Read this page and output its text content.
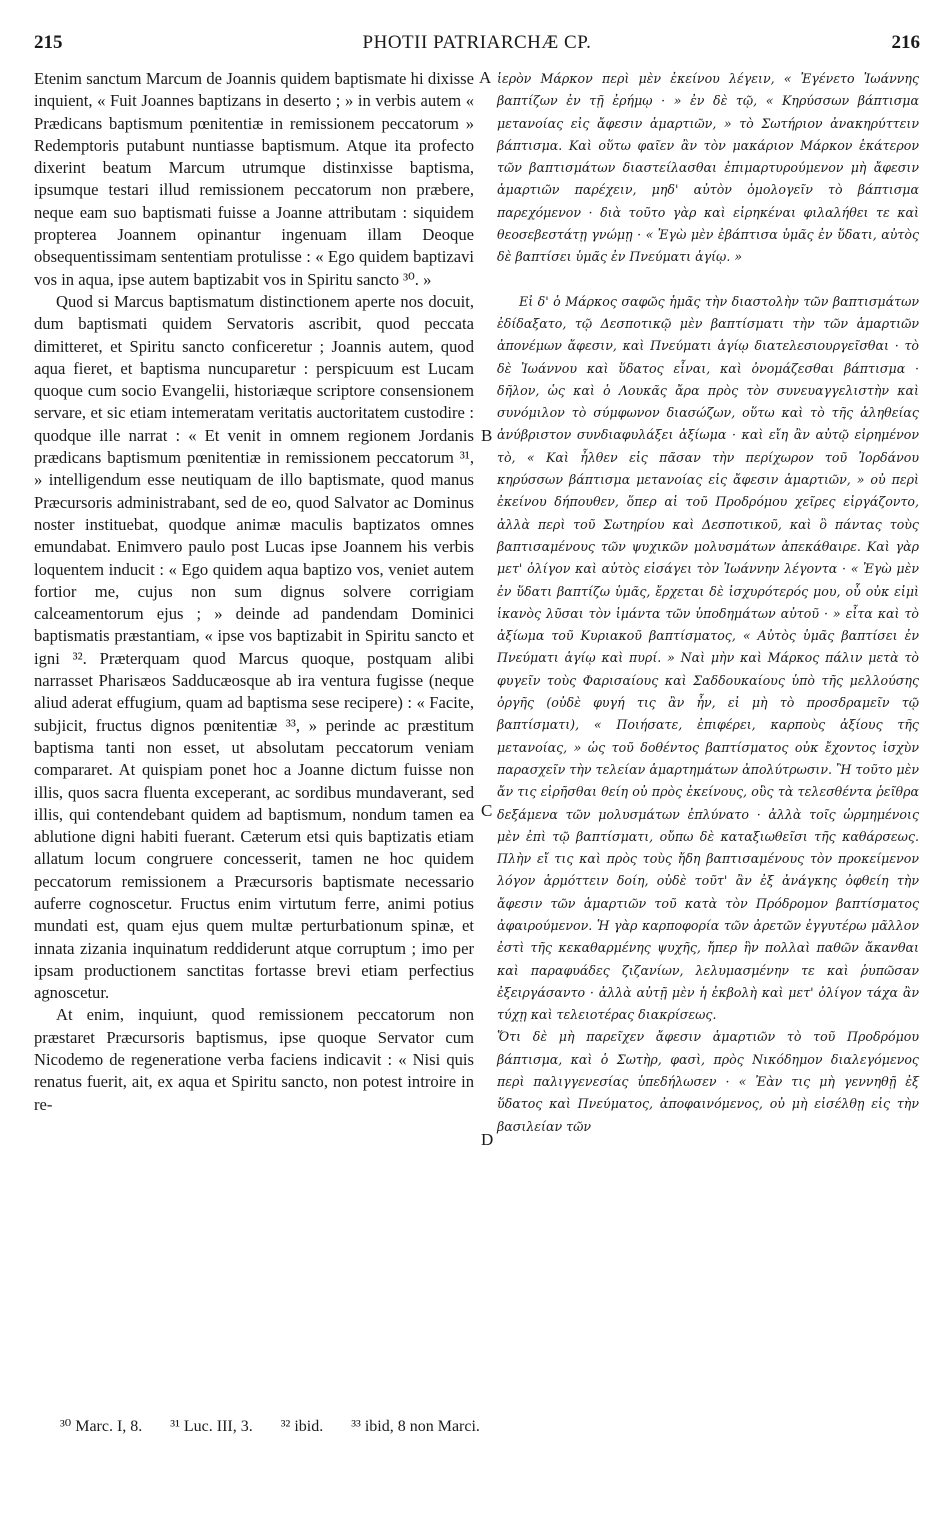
215	PHOTII PATRIARCHÆ CP.	216

Etenim sanctum Marcum de Joannis quidem baptismate hi dixisse inquient, « Fuit Joannes baptizans in deserto ; » in verbis autem « Prædicans baptismum pœnitentiæ in remissionem peccatorum » Redemptoris putabunt nuntiasse baptismum. Atque ita profecto dixerint beatum Marcum utrumque distinxisse baptisma, ipsumque testari illud remissionem peccatorum non præbere, neque eam suo baptismati fuisse a Joanne attributam : siquidem propterea Joannem opinantur ingenuam illam Deoque obsequentissimam sententiam protulisse : « Ego quidem baptizavi vos in aqua, ipse autem baptizabit vos in Spiritu sancto ³⁰. »

Quod si Marcus baptismatum distinctionem aperte nos docuit, dum baptismati quidem Servatoris ascribit, quod peccata dimitteret, et Spiritu sancto conficeretur ; Joannis autem, quod aqua fieret, et baptisma nuncuparetur : perspicuum est Lucam quoque cum socio Evangelii, historiæque scriptore consensionem servare, et sic etiam intemeratam veritatis auctoritatem custodire : quodque ille narrat : « Et venit in omnem regionem Jordanis prædicans baptismum pœnitentiæ in remissionem peccatorum ³¹, » intelligendum esse neutiquam de illo baptismate, quod manus Præcursoris administrabant, sed de eo, quod Salvator ac Dominus noster instituebat, quodque animæ maculis baptizatos omnes emundabat. Enimvero paulo post Lucas ipse Joannem his verbis loquentem inducit : « Ego quidem aqua baptizo vos, veniet autem fortior me, cujus non sum dignus solvere corrigiam calceamentorum ejus ; » deinde ad pandendam Dominici baptismatis præstantiam, « ipse vos baptizabit in Spiritu sancto et igni ³². Præterquam quod Marcus quoque, postquam alibi narrasset Pharisæos Sadducæosque ab ira ventura fugisse (neque aliud aderat effugium, quam ad baptisma sese recipere) : « Facite, subjicit, fructus dignos pœnitentiæ ³³, » perinde ac præstitum baptisma tanti non esset, ut absolutam peccatorum veniam compararet. At quispiam ponet hoc a Joanne dictum fuisse non illis, quos sacra fluenta exceperant, ac sordibus mundaverant, sed illis, qui contendebant quidem ad baptismum, nondum tamen ea ablutione digni habiti fuerant. Cæterum etsi quis baptizatis etiam allatum locum congruere concesserit, tamen ne hoc quidem peccatorum remissionem a Præcursoris baptismate necessario auferre cognoscetur. Fructus enim virtutum ferre, animi potius mundati est, quam ejus quem multæ perturbationum spinæ, et innata zizania inquinatum reddiderunt atque corruptum ; imo per ipsam productionem sanctitas fortasse brevi etiam perfectius agnoscetur.

At enim, inquiunt, quod remissionem peccatorum non præstaret Præcursoris baptismus, ipse quoque Servator cum Nicodemo de regeneratione verba faciens indicavit : « Nisi quis renatus fuerit, ait, ex aqua et Spiritu sancto, non potest introire in re-

A
B
C
D

ἱερὸν Μάρκον περὶ μὲν ἐκείνου λέγειν, « Ἐγένετο Ἰωάννης βαπτίζων ἐν τῇ ἐρήμῳ · » ἐν δὲ τῷ, « Κηρύσσων βάπτισμα μετανοίας εἰς ἄφεσιν ἁμαρτιῶν, » τὸ Σωτήριον ἀνακηρύττειν βάπτισμα. Καὶ οὕτω φαῖεν ἂν τὸν μακάριον Μάρκον ἑκάτερον τῶν βαπτισμάτων διαστείλασθαι ἐπιμαρτυρούμενον μὴ ἄφεσιν ἁμαρτιῶν παρέχειν, μηδ' αὐτὸν ὁμολογεῖν τὸ βάπτισμα παρεχόμενον · διὰ τοῦτο γὰρ καὶ εἰρηκέναι φιλαλήθει τε καὶ θεοσεβεστάτῃ γνώμῃ · « Ἐγὼ μὲν ἐβάπτισα ὑμᾶς ἐν ὕδατι, αὐτὸς δὲ βαπτίσει ὑμᾶς ἐν Πνεύματι ἁγίῳ. »

Εἰ δ' ὁ Μάρκος σαφῶς ἡμᾶς τὴν διαστολὴν τῶν βαπτισμάτων ἐδίδαξατο, τῷ Δεσποτικῷ μὲν βαπτίσματι τὴν τῶν ἁμαρτιῶν ἀπονέμων ἄφεσιν, καὶ Πνεύματι ἁγίῳ διατελεσιουργεῖσθαι · τὸ δὲ Ἰωάννου καὶ ὕδατος εἶναι, καὶ ὀνομάζεσθαι βάπτισμα · δῆλον, ὡς καὶ ὁ Λουκᾶς ἄρα πρὸς τὸν συνευαγγελιστὴν καὶ συνόμιλον τὸ σύμφωνον διασώζων, οὕτω καὶ τὸ τῆς ἀληθείας ἀνύβριστον συνδιαφυλάξει ἀξίωμα · καὶ εἴη ἂν αὐτῷ εἰρημένον τὸ, « Καὶ ἦλθεν εἰς πᾶσαν τὴν περίχωρον τοῦ Ἰορδάνου κηρύσσων βάπτισμα μετανοίας εἰς ἄφεσιν ἁμαρτιῶν, » οὐ περὶ ἐκείνου δήπουθεν, ὅπερ αἱ τοῦ Προδρόμου χεῖρες εἰργάζοντο, ἀλλὰ περὶ τοῦ Σωτηρίου καὶ Δεσποτικοῦ, καὶ ὃ πάντας τοὺς βαπτισαμένους τῶν ψυχικῶν μολυσμάτων ἀπεκάθαιρε. Καὶ γὰρ μετ' ὀλίγον καὶ αὐτὸς εἰσάγει τὸν Ἰωάννην λέγοντα · « Ἐγὼ μὲν ἐν ὕδατι βαπτίζω ὑμᾶς, ἔρχεται δὲ ἰσχυρότερός μου, οὗ οὐκ εἰμὶ ἱκανὸς λῦσαι τὸν ἱμάντα τῶν ὑποδημάτων αὐτοῦ · » εἶτα καὶ τὸ ἀξίωμα τοῦ Κυριακοῦ βαπτίσματος, « Αὐτὸς ὑμᾶς βαπτίσει ἐν Πνεύματι ἁγίῳ καὶ πυρί. » Ναὶ μὴν καὶ Μάρκος πάλιν μετὰ τὸ φυγεῖν τοὺς Φαρισαίους καὶ Σαδδουκαίους ὑπὸ τῆς μελλούσης ὀργῆς (οὐδὲ φυγή τις ἂν ἦν, εἰ μὴ τὸ προσδραμεῖν τῷ βαπτίσματι), « Ποιήσατε, ἐπιφέρει, καρποὺς ἀξίους τῆς μετανοίας, » ὡς τοῦ δοθέντος βαπτίσματος οὐκ ἔχοντος ἰσχὺν παρασχεῖν τὴν τελείαν ἁμαρτημάτων ἀπολύτρωσιν. Ἢ τοῦτο μὲν ἄν τις εἰρῆσθαι θείη οὐ πρὸς ἐκείνους, οὓς τὰ τελεσθέντα ῥεῖθρα δεξάμενα τῶν μολυσμάτων ἐπλύνατο · ἀλλὰ τοῖς ὡρμημένοις μὲν ἐπὶ τῷ βαπτίσματι, οὔπω δὲ καταξιωθεῖσι τῆς καθάρσεως. Πλὴν εἴ τις καὶ πρὸς τοὺς ἤδη βαπτισαμένους τὸν προκείμενον λόγον ἁρμόττειν δοίη, οὐδὲ τοῦτ' ἂν ἐξ ἀνάγκης ὀφθείη τὴν ἄφεσιν τῶν ἁμαρτιῶν τοῦ κατὰ τὸν Πρόδρομον βαπτίσματος ἀφαιρούμενον. Ἡ γὰρ καρποφορία τῶν ἀρετῶν ἐγγυτέρω μᾶλλον ἐστὶ τῆς κεκαθαρμένης ψυχῆς, ἤπερ ἣν πολλαὶ παθῶν ἄκανθαι καὶ παραφυάδες ζιζανίων, λελυμασμένην τε καὶ ῥυπῶσαν ἐξειργάσαντο · ἀλλὰ αὐτῇ μὲν ἡ ἐκβολὴ καὶ μετ' ὀλίγον τάχα ἂν τύχῃ καὶ τελειοτέρας διακρίσεως.

Ὅτι δὲ μὴ παρεῖχεν ἄφεσιν ἁμαρτιῶν τὸ τοῦ Προδρόμου βάπτισμα, καὶ ὁ Σωτὴρ, φασὶ, πρὸς Νικόδημον διαλεγόμενος περὶ παλιγγενεσίας ὑπεδήλωσεν · « Ἐὰν τις μὴ γεννηθῇ ἐξ ὕδατος καὶ Πνεύματος, ἀποφαινόμενος, οὐ μὴ εἰσέλθῃ εἰς τὴν βασιλείαν τῶν

³⁰ Marc. I, 8. ³¹ Luc. III, 3. ³² ibid. ³³ ibid, 8 non Marci.
